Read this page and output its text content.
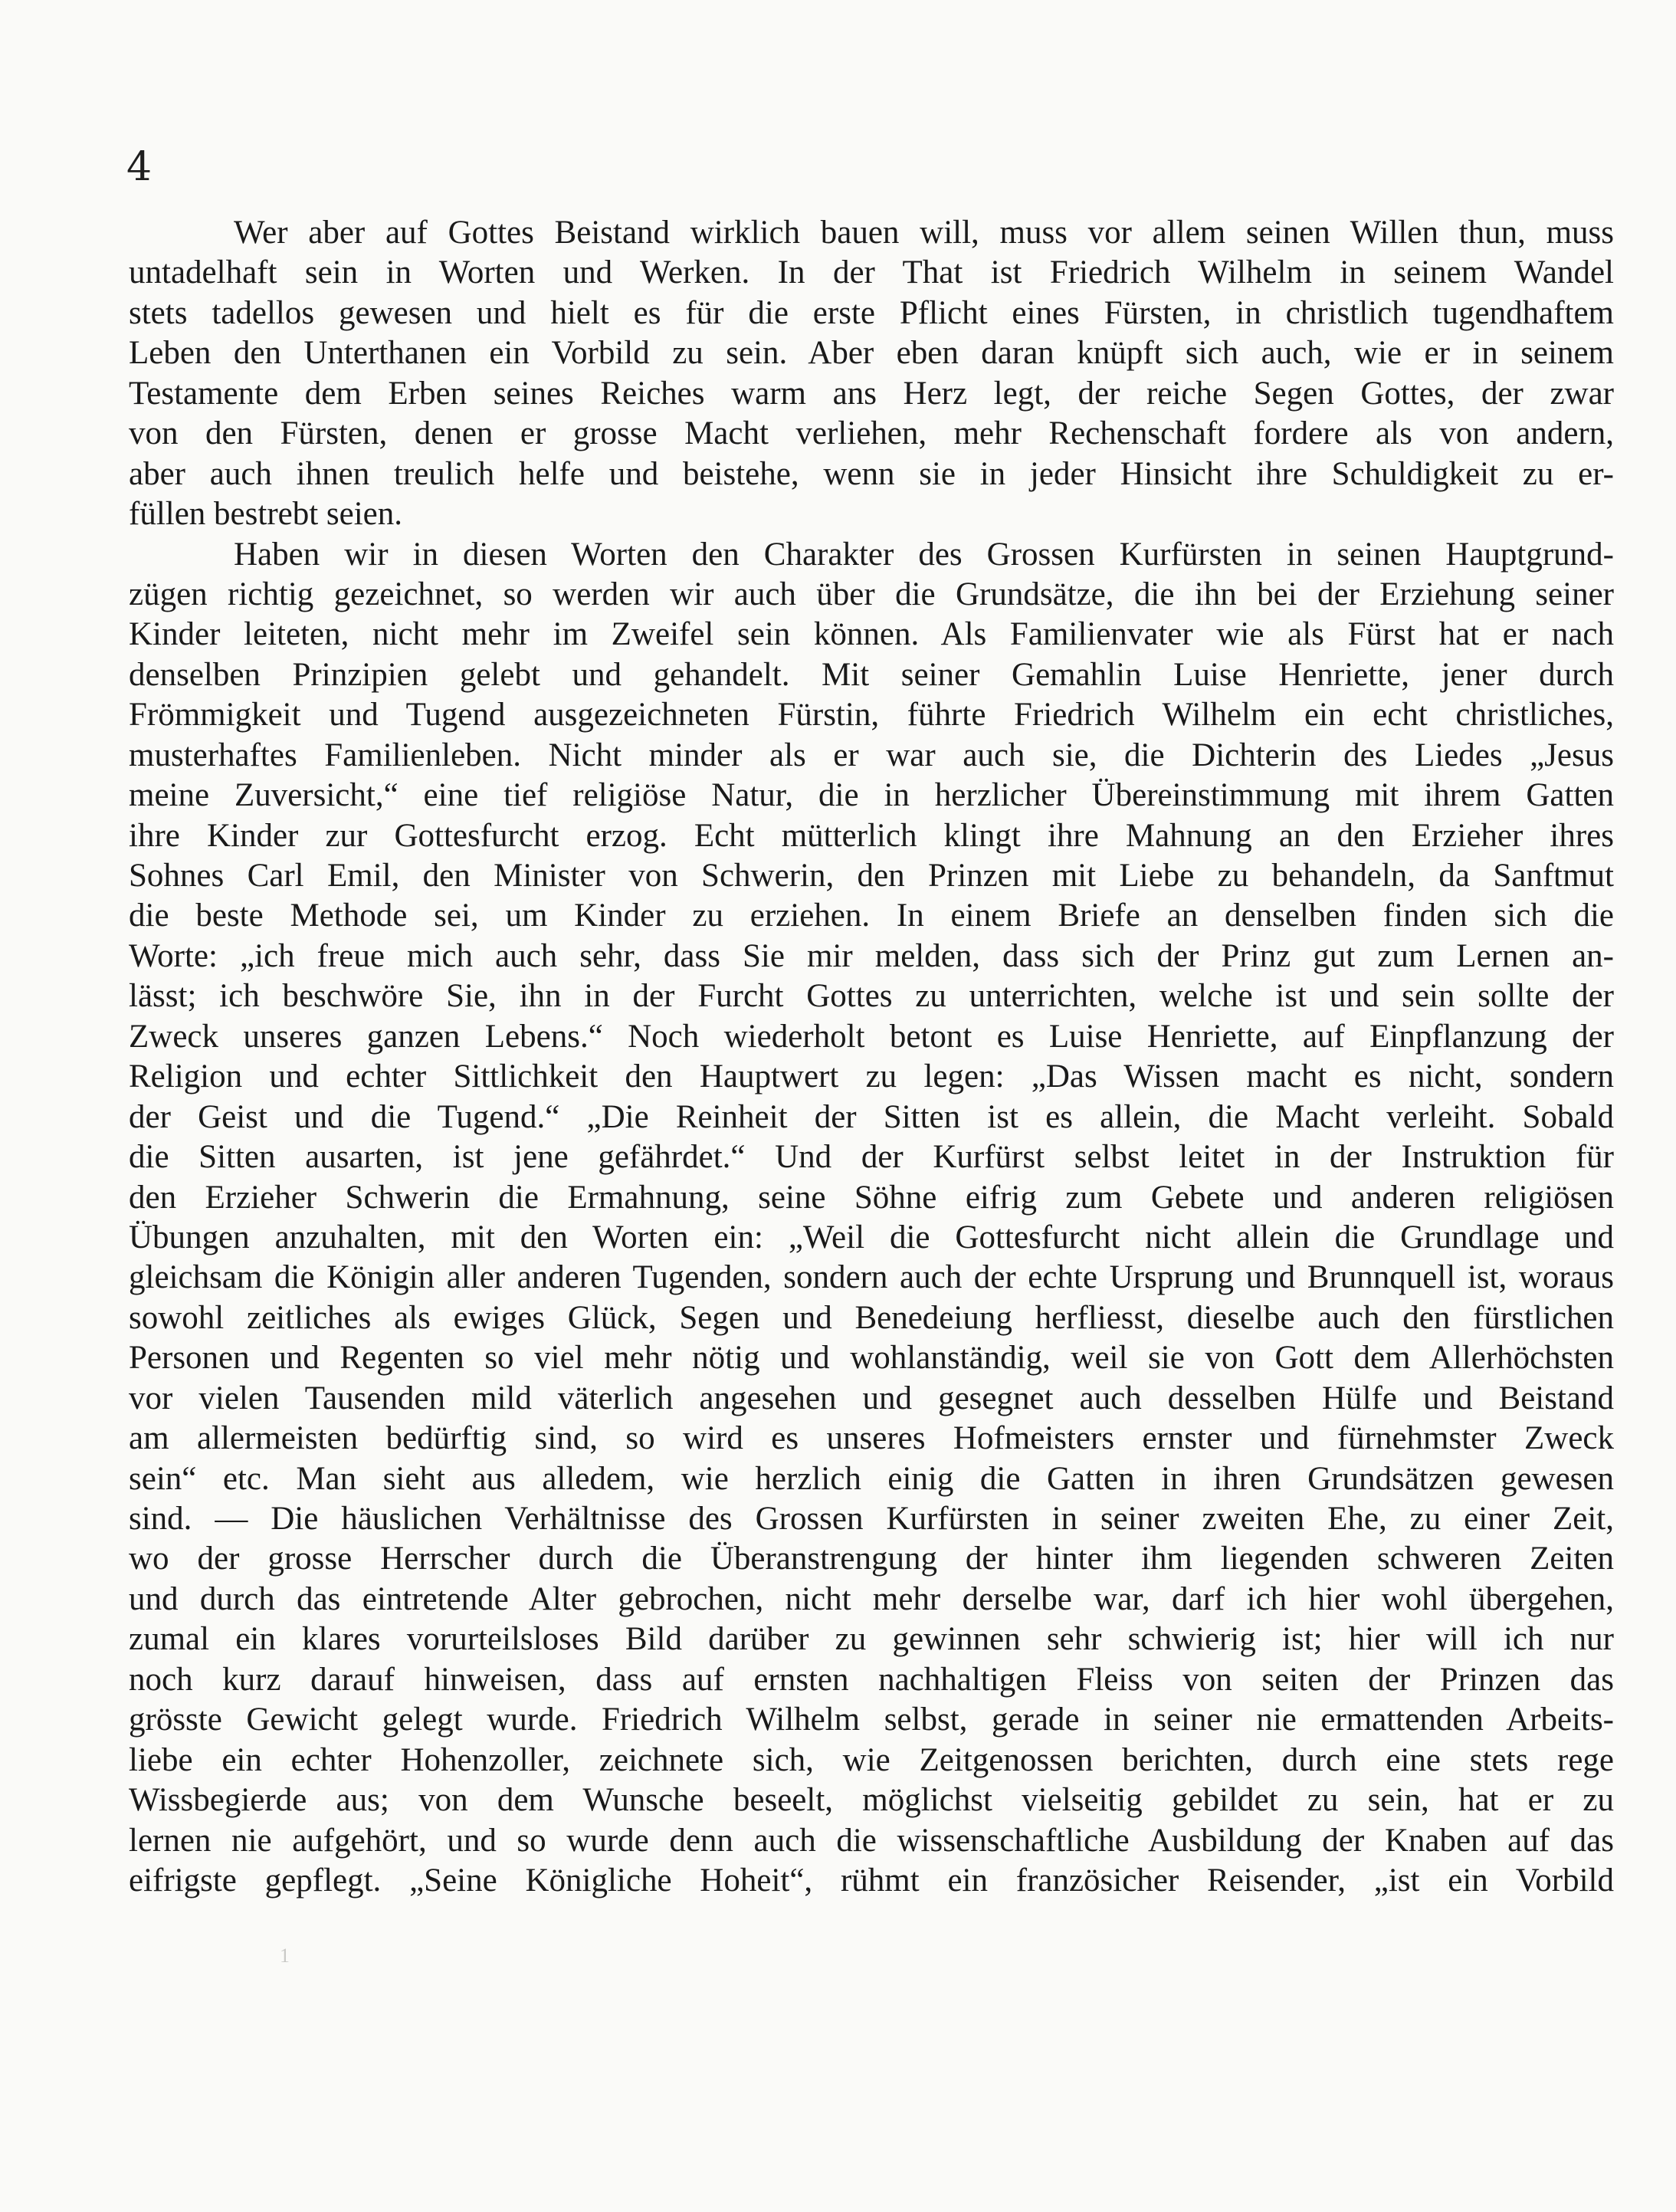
4
Wer aber auf Gottes Beistand wirklich bauen will, muss vor allem seinen Willen thun, muss
untadelhaft sein in Worten und Werken. In der That ist Friedrich Wilhelm in seinem Wandel
stets tadellos gewesen und hielt es für die erste Pflicht eines Fürsten, in christlich tugendhaftem
Leben den Unterthanen ein Vorbild zu sein. Aber eben daran knüpft sich auch, wie er in seinem
Testamente dem Erben seines Reiches warm ans Herz legt, der reiche Segen Gottes, der zwar
von den Fürsten, denen er grosse Macht verliehen, mehr Rechenschaft fordere als von andern,
aber auch ihnen treulich helfe und beistehe, wenn sie in jeder Hinsicht ihre Schuldigkeit zu er-
füllen bestrebt seien.
Haben wir in diesen Worten den Charakter des Grossen Kurfürsten in seinen Hauptgrund-
zügen richtig gezeichnet, so werden wir auch über die Grundsätze, die ihn bei der Erziehung seiner
Kinder leiteten, nicht mehr im Zweifel sein können. Als Familienvater wie als Fürst hat er nach
denselben Prinzipien gelebt und gehandelt. Mit seiner Gemahlin Luise Henriette, jener durch
Frömmigkeit und Tugend ausgezeichneten Fürstin, führte Friedrich Wilhelm ein echt christliches,
musterhaftes Familienleben. Nicht minder als er war auch sie, die Dichterin des Liedes „Jesus
meine Zuversicht,“ eine tief religiöse Natur, die in herzlicher Übereinstimmung mit ihrem Gatten
ihre Kinder zur Gottesfurcht erzog. Echt mütterlich klingt ihre Mahnung an den Erzieher ihres
Sohnes Carl Emil, den Minister von Schwerin, den Prinzen mit Liebe zu behandeln, da Sanftmut
die beste Methode sei, um Kinder zu erziehen. In einem Briefe an denselben finden sich die
Worte: „ich freue mich auch sehr, dass Sie mir melden, dass sich der Prinz gut zum Lernen an-
lässt; ich beschwöre Sie, ihn in der Furcht Gottes zu unterrichten, welche ist und sein sollte der
Zweck unseres ganzen Lebens.“ Noch wiederholt betont es Luise Henriette, auf Einpflanzung der
Religion und echter Sittlichkeit den Hauptwert zu legen: „Das Wissen macht es nicht, sondern
der Geist und die Tugend.“ „Die Reinheit der Sitten ist es allein, die Macht verleiht. Sobald
die Sitten ausarten, ist jene gefährdet.“ Und der Kurfürst selbst leitet in der Instruktion für
den Erzieher Schwerin die Ermahnung, seine Söhne eifrig zum Gebete und anderen religiösen
Übungen anzuhalten, mit den Worten ein: „Weil die Gottesfurcht nicht allein die Grundlage und
gleichsam die Königin aller anderen Tugenden, sondern auch der echte Ursprung und Brunnquell ist, woraus
sowohl zeitliches als ewiges Glück, Segen und Benedeiung herfliesst, dieselbe auch den fürstlichen
Personen und Regenten so viel mehr nötig und wohlanständig, weil sie von Gott dem Allerhöchsten
vor vielen Tausenden mild väterlich angesehen und gesegnet auch desselben Hülfe und Beistand
am allermeisten bedürftig sind, so wird es unseres Hofmeisters ernster und fürnehmster Zweck
sein“ etc. Man sieht aus alledem, wie herzlich einig die Gatten in ihren Grundsätzen gewesen
sind. — Die häuslichen Verhältnisse des Grossen Kurfürsten in seiner zweiten Ehe, zu einer Zeit,
wo der grosse Herrscher durch die Überanstrengung der hinter ihm liegenden schweren Zeiten
und durch das eintretende Alter gebrochen, nicht mehr derselbe war, darf ich hier wohl übergehen,
zumal ein klares vorurteilsloses Bild darüber zu gewinnen sehr schwierig ist; hier will ich nur
noch kurz darauf hinweisen, dass auf ernsten nachhaltigen Fleiss von seiten der Prinzen das
grösste Gewicht gelegt wurde. Friedrich Wilhelm selbst, gerade in seiner nie ermattenden Arbeits-
liebe ein echter Hohenzoller, zeichnete sich, wie Zeitgenossen berichten, durch eine stets rege
Wissbegierde aus; von dem Wunsche beseelt, möglichst vielseitig gebildet zu sein, hat er zu
lernen nie aufgehört, und so wurde denn auch die wissenschaftliche Ausbildung der Knaben auf das
eifrigste gepflegt. „Seine Königliche Hoheit“, rühmt ein französicher Reisender, „ist ein Vorbild
1
